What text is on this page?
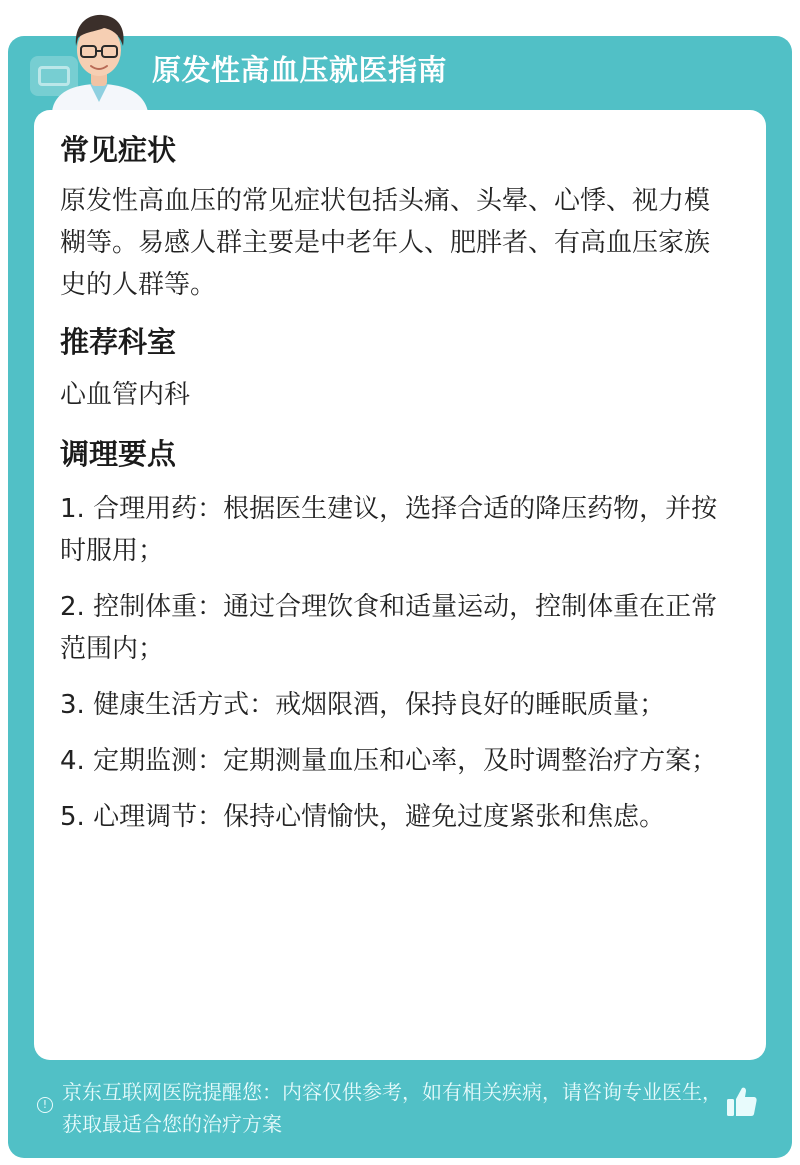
原发性高血压就医指南
常见症状

原发性高血压的常见症状包括头痛、头晕、心悸、视力模糊等。易感人群主要是中老年人、肥胖者、有高血压家族史的人群等。

推荐科室

心血管内科

调理要点

1. 合理用药：根据医生建议，选择合适的降压药物，并按时服用；

2. 控制体重：通过合理饮食和适量运动，控制体重在正常范围内；

3. 健康生活方式：戒烟限酒，保持良好的睡眠质量；

4. 定期监测：定期测量血压和心率，及时调整治疗方案；

5. 心理调节：保持心情愉快，避免过度紧张和焦虑。

!
京东互联网医院提醒您：内容仅供参考，如有相关疾病，请咨询专业医生，获取最适合您的治疗方案
